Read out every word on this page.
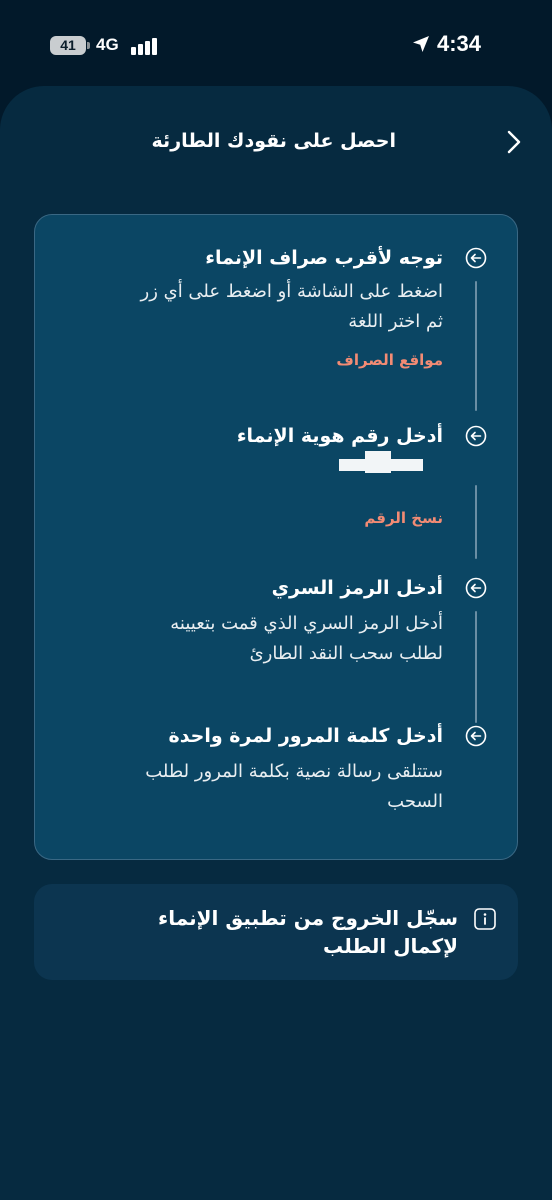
41	4G	4:34
احصل على نقودك الطارئة
توجه لأقرب صراف الإنماء
اضغط على الشاشة أو اضغط على أي زر ثم اختر اللغة
مواقع الصراف
أدخل رقم هوية الإنماء
نسخ الرقم
أدخل الرمز السري
أدخل الرمز السري الذي قمت بتعيينه لطلب سحب النقد الطارئ
أدخل كلمة المرور لمرة واحدة
ستتلقى رسالة نصية بكلمة المرور لطلب السحب
سجّل الخروج من تطبيق الإنماء لإكمال الطلب
